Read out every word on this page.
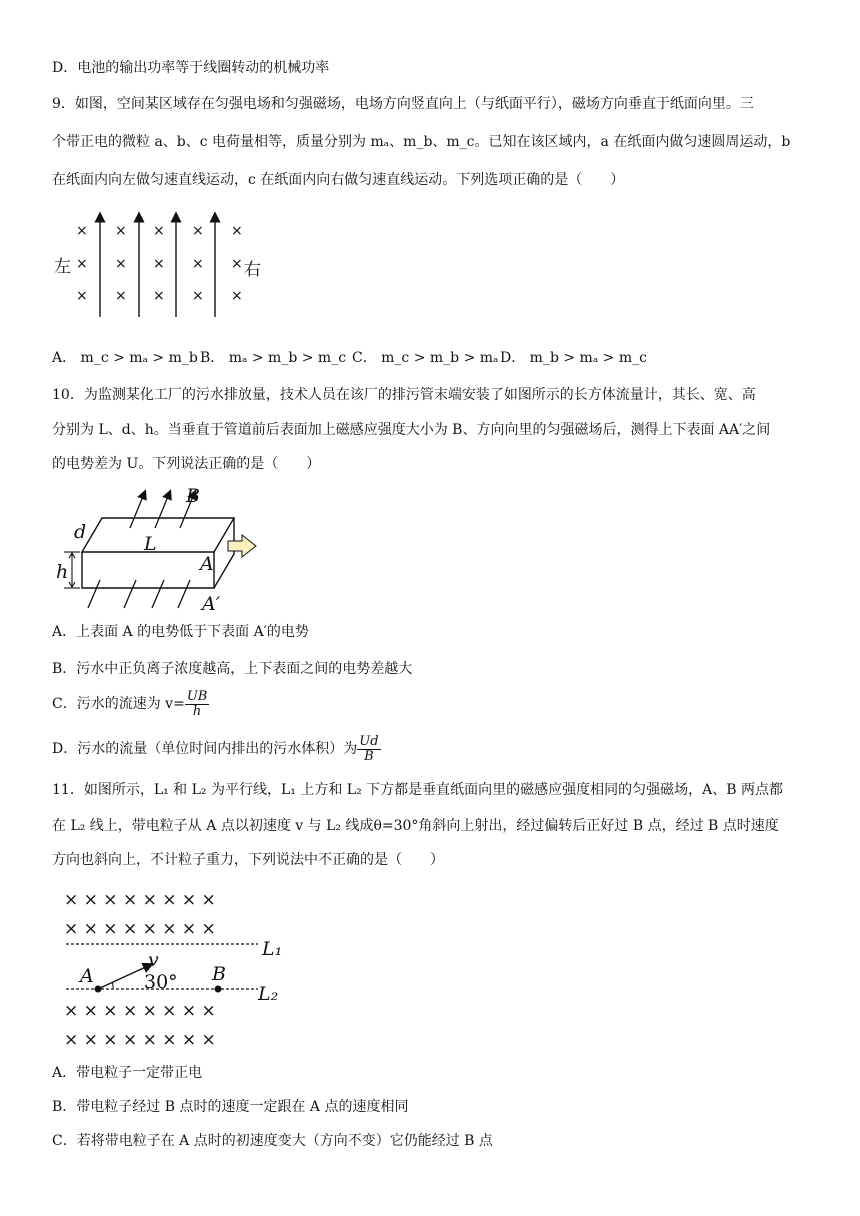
D．电池的输出功率等于线圈转动的机械功率
9．如图，空间某区域存在匀强电场和匀强磁场，电场方向竖直向上（与纸面平行），磁场方向垂直于纸面向里。三
个带正电的微粒 a、b、c 电荷量相等，质量分别为 mₐ、m_b、m_c。已知在该区域内，a 在纸面内做匀速圆周运动，b
在纸面内向左做匀速直线运动，c 在纸面内向右做匀速直线运动。下列选项正确的是（　　）
× × × × ×
× × × × ×
× × × × ×
左	右
A． m_c > mₐ > m_b B． mₐ > m_b > m_c C． m_c > m_b > mₐ D． m_b > mₐ > m_c
10．为监测某化工厂的污水排放量，技术人员在该厂的排污管末端安装了如图所示的长方体流量计，其长、宽、高
分别为 L、d、h。当垂直于管道前后表面加上磁感应强度大小为 B、方向向里的匀强磁场后，测得上下表面 AA′之间
的电势差为 U。下列说法正确的是（　　）
d
L
h	A
A′
B
A．上表面 A 的电势低于下表面 A′的电势
B．污水中正负离子浓度越高，上下表面之间的电势差越大
C．污水的流速为 $v= \frac{UB}{h}$
D．污水的流量（单位时间内排出的污水体积）为 $\frac{Ud}{B}$
11．如图所示，L₁ 和 L₂ 为平行线，L₁ 上方和 L₂ 下方都是垂直纸面向里的磁感应强度相同的匀强磁场，A、B 两点都
在 L₂ 线上，带电粒子从 A 点以初速度 v 与 L₂ 线成θ=30°角斜向上射出，经过偏转后正好过 B 点，经过 B 点时速度
方向也斜向上，不计粒子重力，下列说法中不正确的是（　　）
× × × × × × × ×
× × × × × × × ×
× × × × × × × ×
× × × × × × × ×
L₁
L₂
A	B
v
30°
A．带电粒子一定带正电
B．带电粒子经过 B 点时的速度一定跟在 A 点的速度相同
C．若将带电粒子在 A 点时的初速度变大（方向不变）它仍能经过 B 点
